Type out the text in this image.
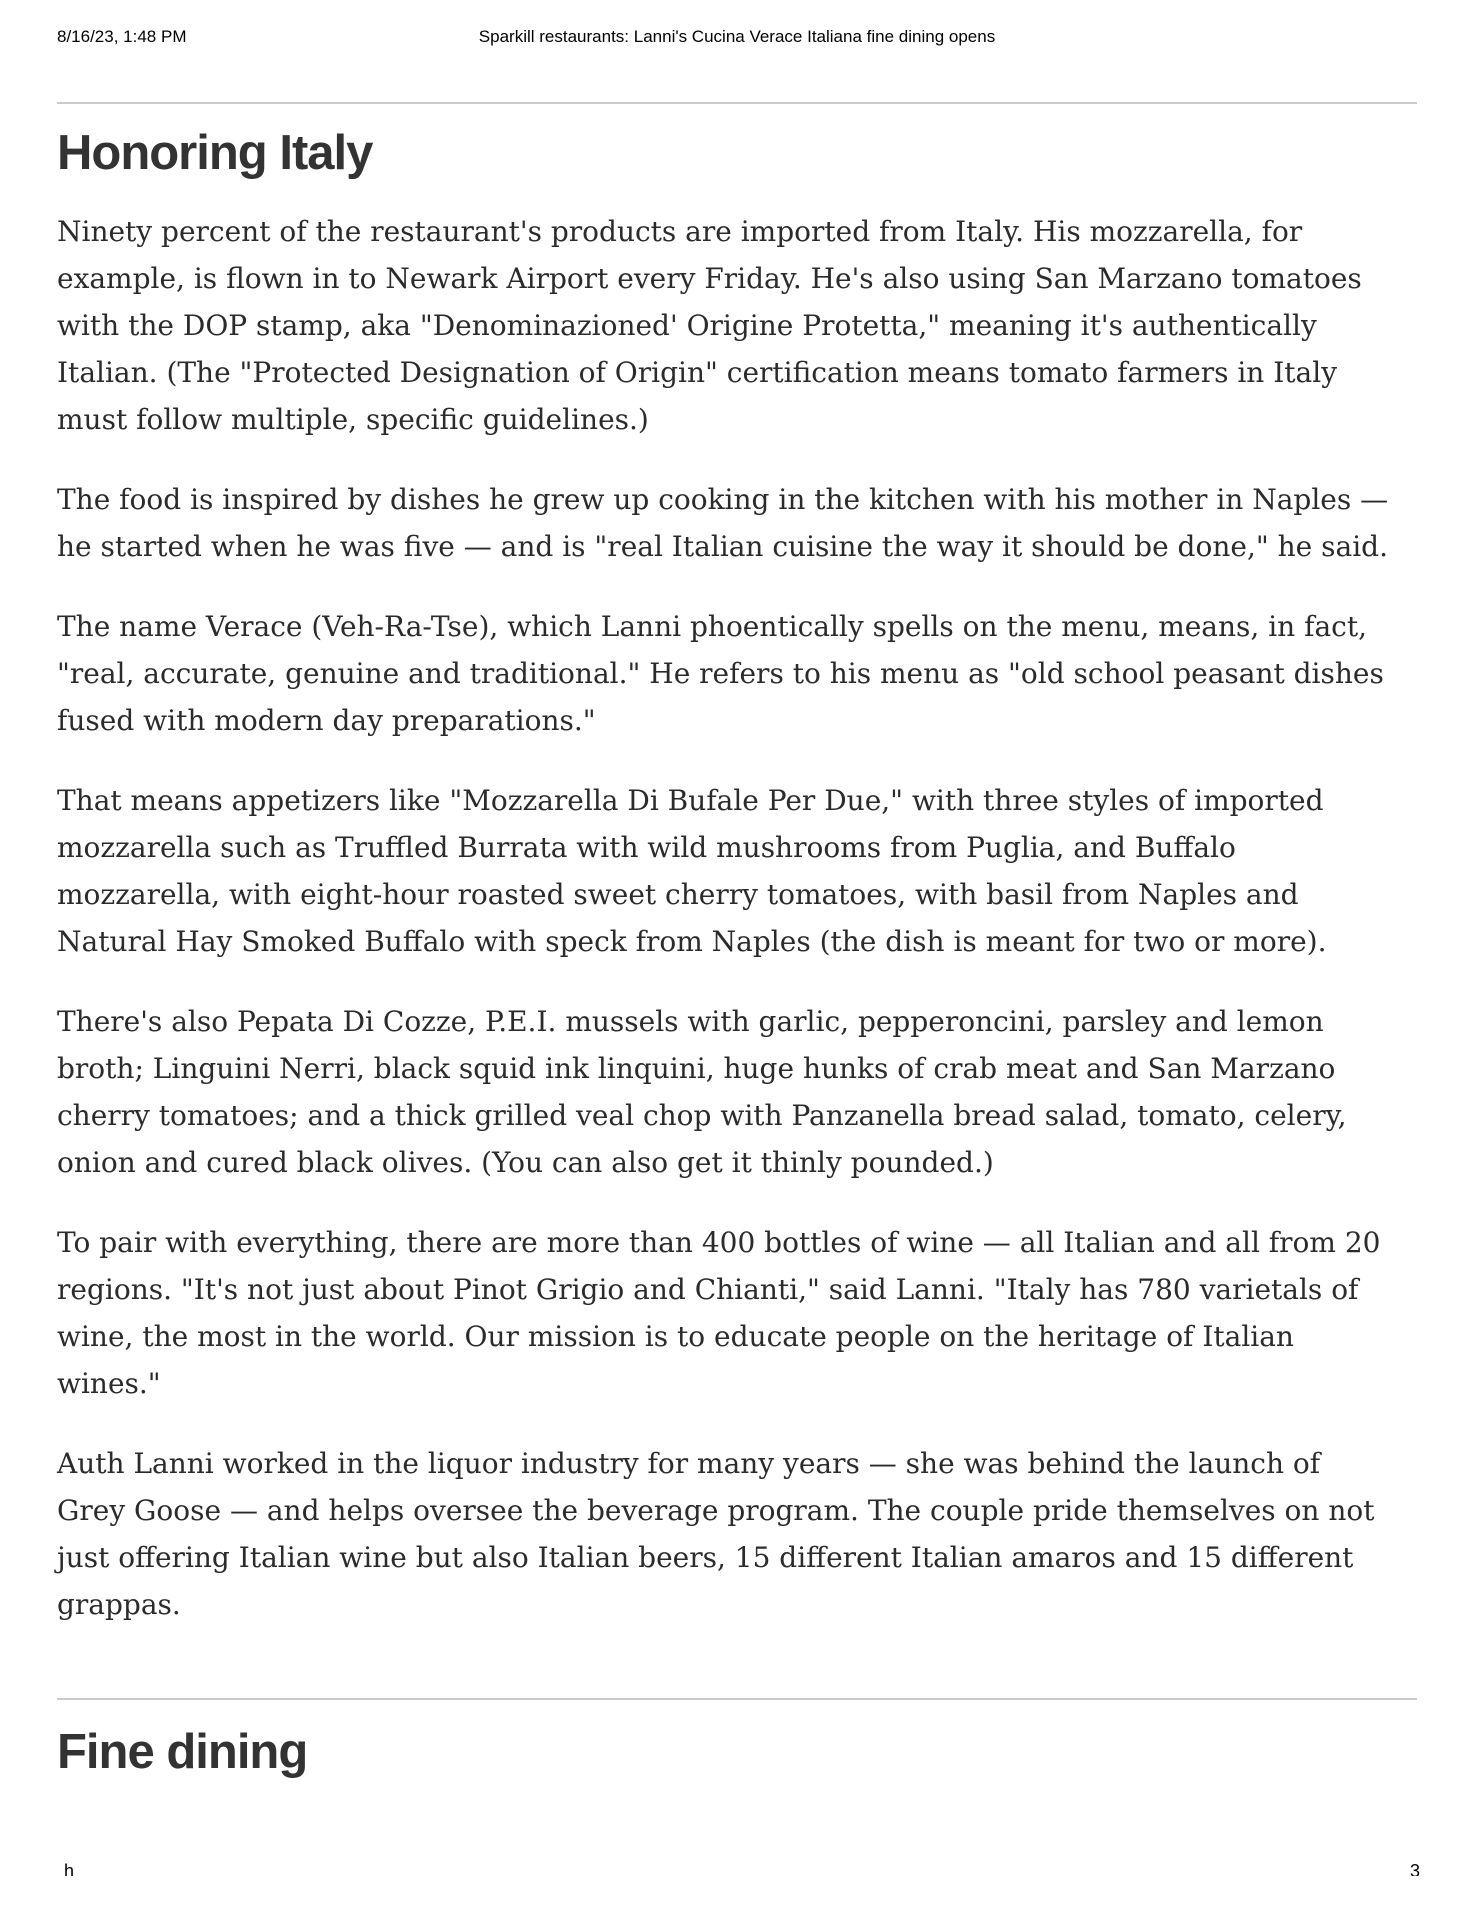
8/16/23, 1:48 PM	Sparkill restaurants: Lanni's Cucina Verace Italiana fine dining opens
Honoring Italy

Ninety percent of the restaurant's products are imported from Italy. His mozzarella, for example, is flown in to Newark Airport every Friday. He's also using San Marzano tomatoes with the DOP stamp, aka "Denominazioned' Origine Protetta," meaning it's authentically Italian. (The "Protected Designation of Origin" certification means tomato farmers in Italy must follow multiple, specific guidelines.)

The food is inspired by dishes he grew up cooking in the kitchen with his mother in Naples — he started when he was five — and is "real Italian cuisine the way it should be done," he said.

The name Verace (Veh-Ra-Tse), which Lanni phoentically spells on the menu, means, in fact, "real, accurate, genuine and traditional." He refers to his menu as "old school peasant dishes fused with modern day preparations."

That means appetizers like "Mozzarella Di Bufale Per Due," with three styles of imported mozzarella such as Truffled Burrata with wild mushrooms from Puglia, and Buffalo mozzarella, with eight-hour roasted sweet cherry tomatoes, with basil from Naples and Natural Hay Smoked Buffalo with speck from Naples (the dish is meant for two or more).

There's also Pepata Di Cozze, P.E.I. mussels with garlic, pepperoncini, parsley and lemon broth; Linguini Nerri, black squid ink linquini, huge hunks of crab meat and San Marzano cherry tomatoes; and a thick grilled veal chop with Panzanella bread salad, tomato, celery, onion and cured black olives. (You can also get it thinly pounded.)

To pair with everything, there are more than 400 bottles of wine — all Italian and all from 20 regions. "It's not just about Pinot Grigio and Chianti," said Lanni. "Italy has 780 varietals of wine, the most in the world. Our mission is to educate people on the heritage of Italian wines."

Auth Lanni worked in the liquor industry for many years — she was behind the launch of Grey Goose — and helps oversee the beverage program. The couple pride themselves on not just offering Italian wine but also Italian beers, 15 different Italian amaros and 15 different grappas.

Fine dining
h	3
